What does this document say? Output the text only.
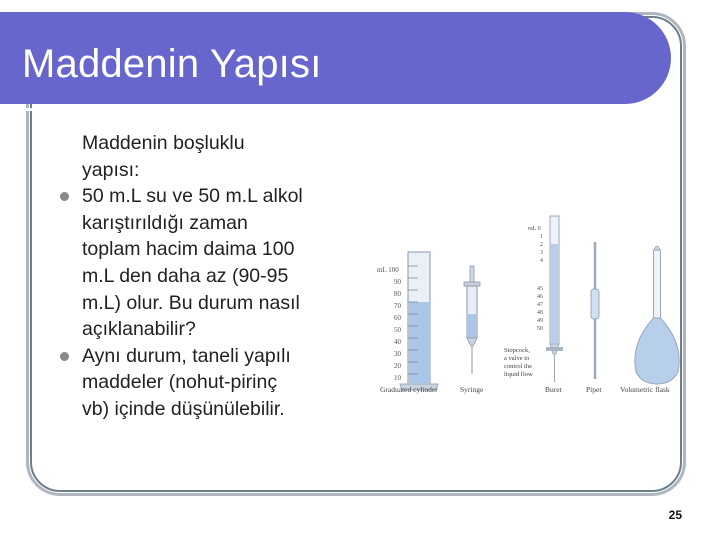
Maddenin Yapısı
Maddenin boşluklu
yapısı:
50 m.L su ve 50 m.L alkol
karıştırıldığı zaman
toplam hacim daima 100
m.L den daha az (90-95
m.L) olur. Bu durum nasıl
açıklanabilir?
Aynı durum, taneli yapılı
maddeler (nohut-pirinç
vb) içinde düşünülebilir.
mL 100
90
80
70
60
50
40
30
20
10
Graduated cylinder	Syringe
mL 0
1
2
3
4
45
46
47
48
49
50
Stopcock,
a valve to
control the
liquid flow
Buret	Pipet Volumetric flask
25
